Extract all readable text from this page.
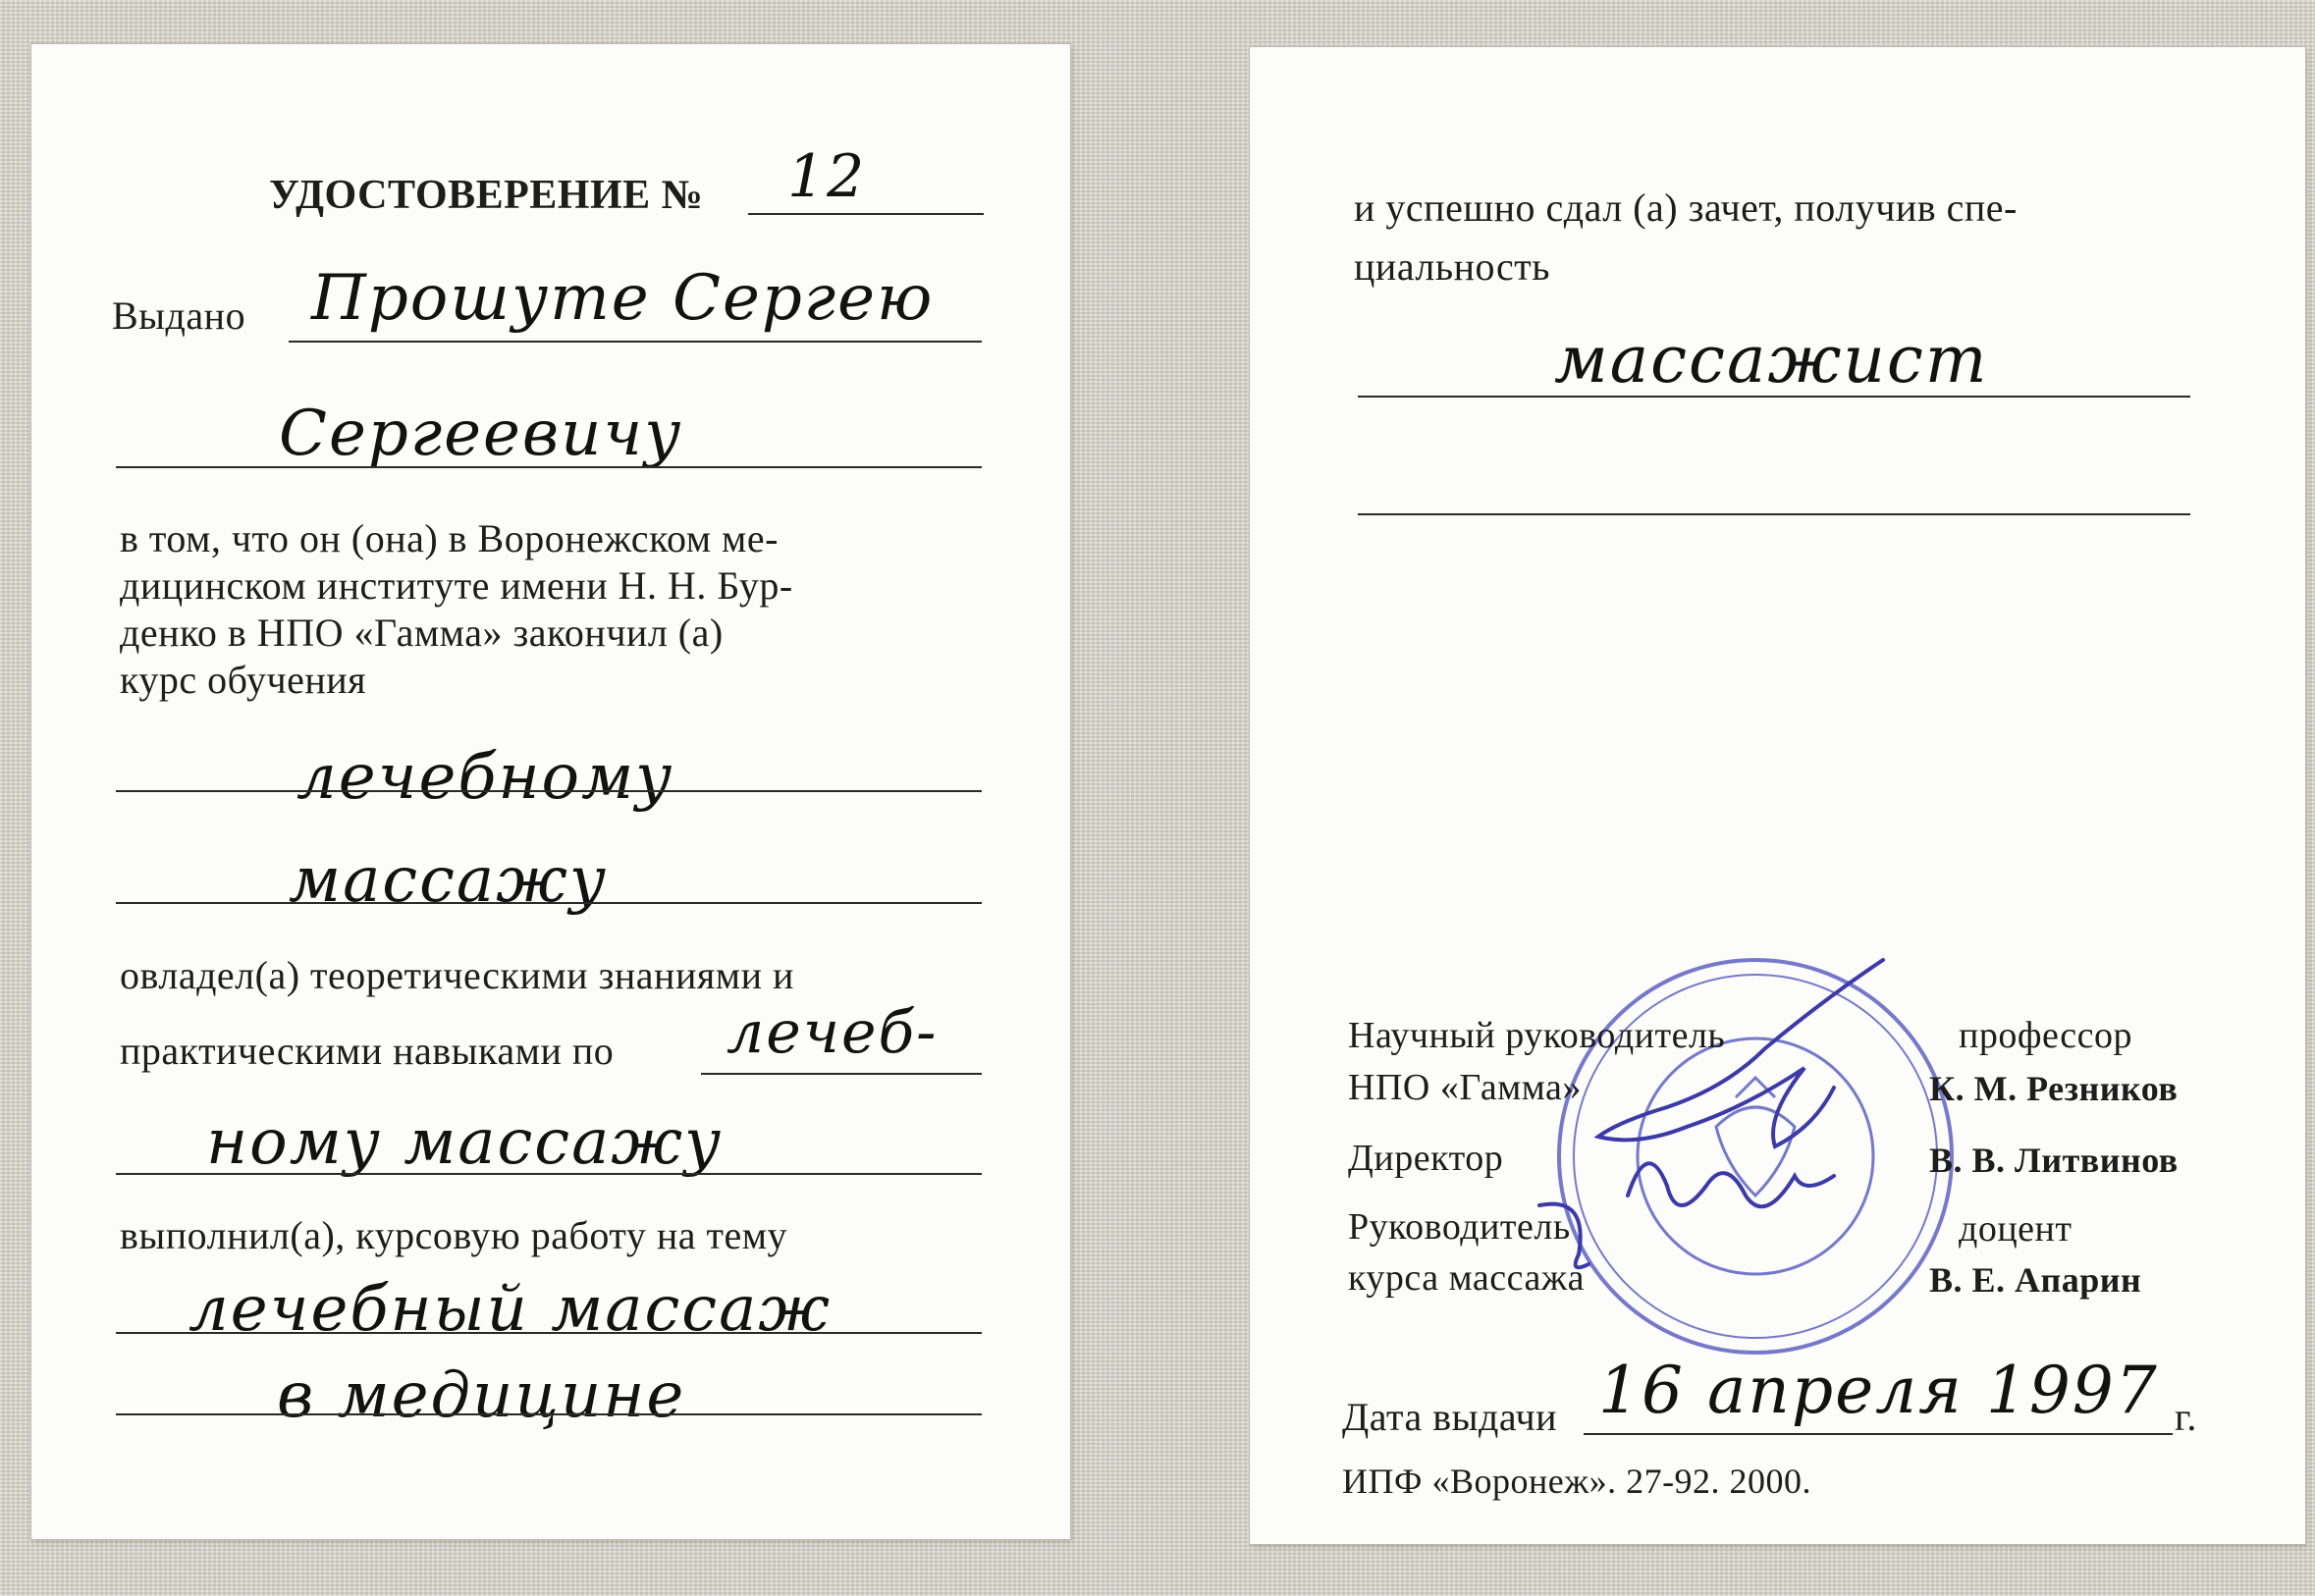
УДОСТОВЕРЕНИЕ № 12
Выдано Прошуте Сергею
Сергеевичу
в том, что он (она) в Воронежском ме-
дицинском институте имени Н. Н. Бур-
денко в НПО «Гамма» закончил (а)
курс обучения
лечебному
массажу
овладел(а) теоретическими знаниями и
практическими навыками по лечеб-
ному массажу
выполнил(а), курсовую работу на тему
лечебный массаж
в медицине
и успешно сдал (а) зачет, получив спе-
циальность
массажист
Научный руководитель
НПО «Гамма»
профессор
К. М. Резников
Директор	В. В. Литвинов
Руководитель
курса массажа
доцент
В. Е. Апарин
Дата выдачи 16 апреля 1997 г.
ИПФ «Воронеж». 27-92. 2000.
